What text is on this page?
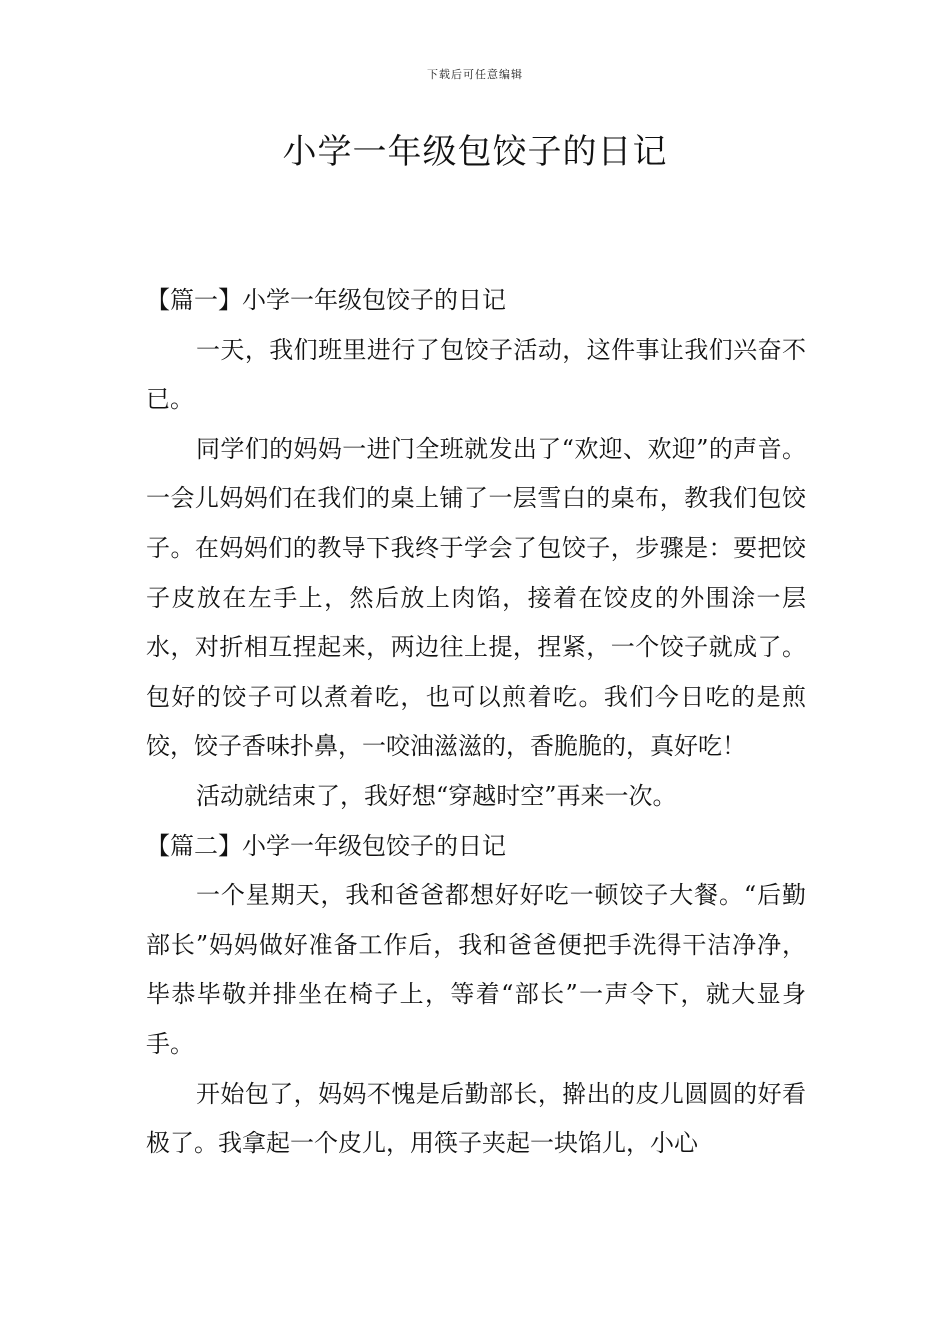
下载后可任意编辑
小学一年级包饺子的日记

【篇一】小学一年级包饺子的日记

一天，我们班里进行了包饺子活动，这件事让我们兴奋不已。

同学们的妈妈一进门全班就发出了“欢迎、欢迎”的声音。一会儿妈妈们在我们的桌上铺了一层雪白的桌布，教我们包饺子。在妈妈们的教导下我终于学会了包饺子，步骤是：要把饺子皮放在左手上，然后放上肉馅，接着在饺皮的外围涂一层水，对折相互捏起来，两边往上提，捏紧，一个饺子就成了。包好的饺子可以煮着吃，也可以煎着吃。我们今日吃的是煎饺，饺子香味扑鼻，一咬油滋滋的，香脆脆的，真好吃！

活动就结束了，我好想“穿越时空”再来一次。

【篇二】小学一年级包饺子的日记

一个星期天，我和爸爸都想好好吃一顿饺子大餐。“后勤部长”妈妈做好准备工作后，我和爸爸便把手洗得干洁净净，毕恭毕敬并排坐在椅子上，等着“部长”一声令下，就大显身手。

开始包了，妈妈不愧是后勤部长，擀出的皮儿圆圆的好看极了。我拿起一个皮儿，用筷子夹起一块馅儿，小心
